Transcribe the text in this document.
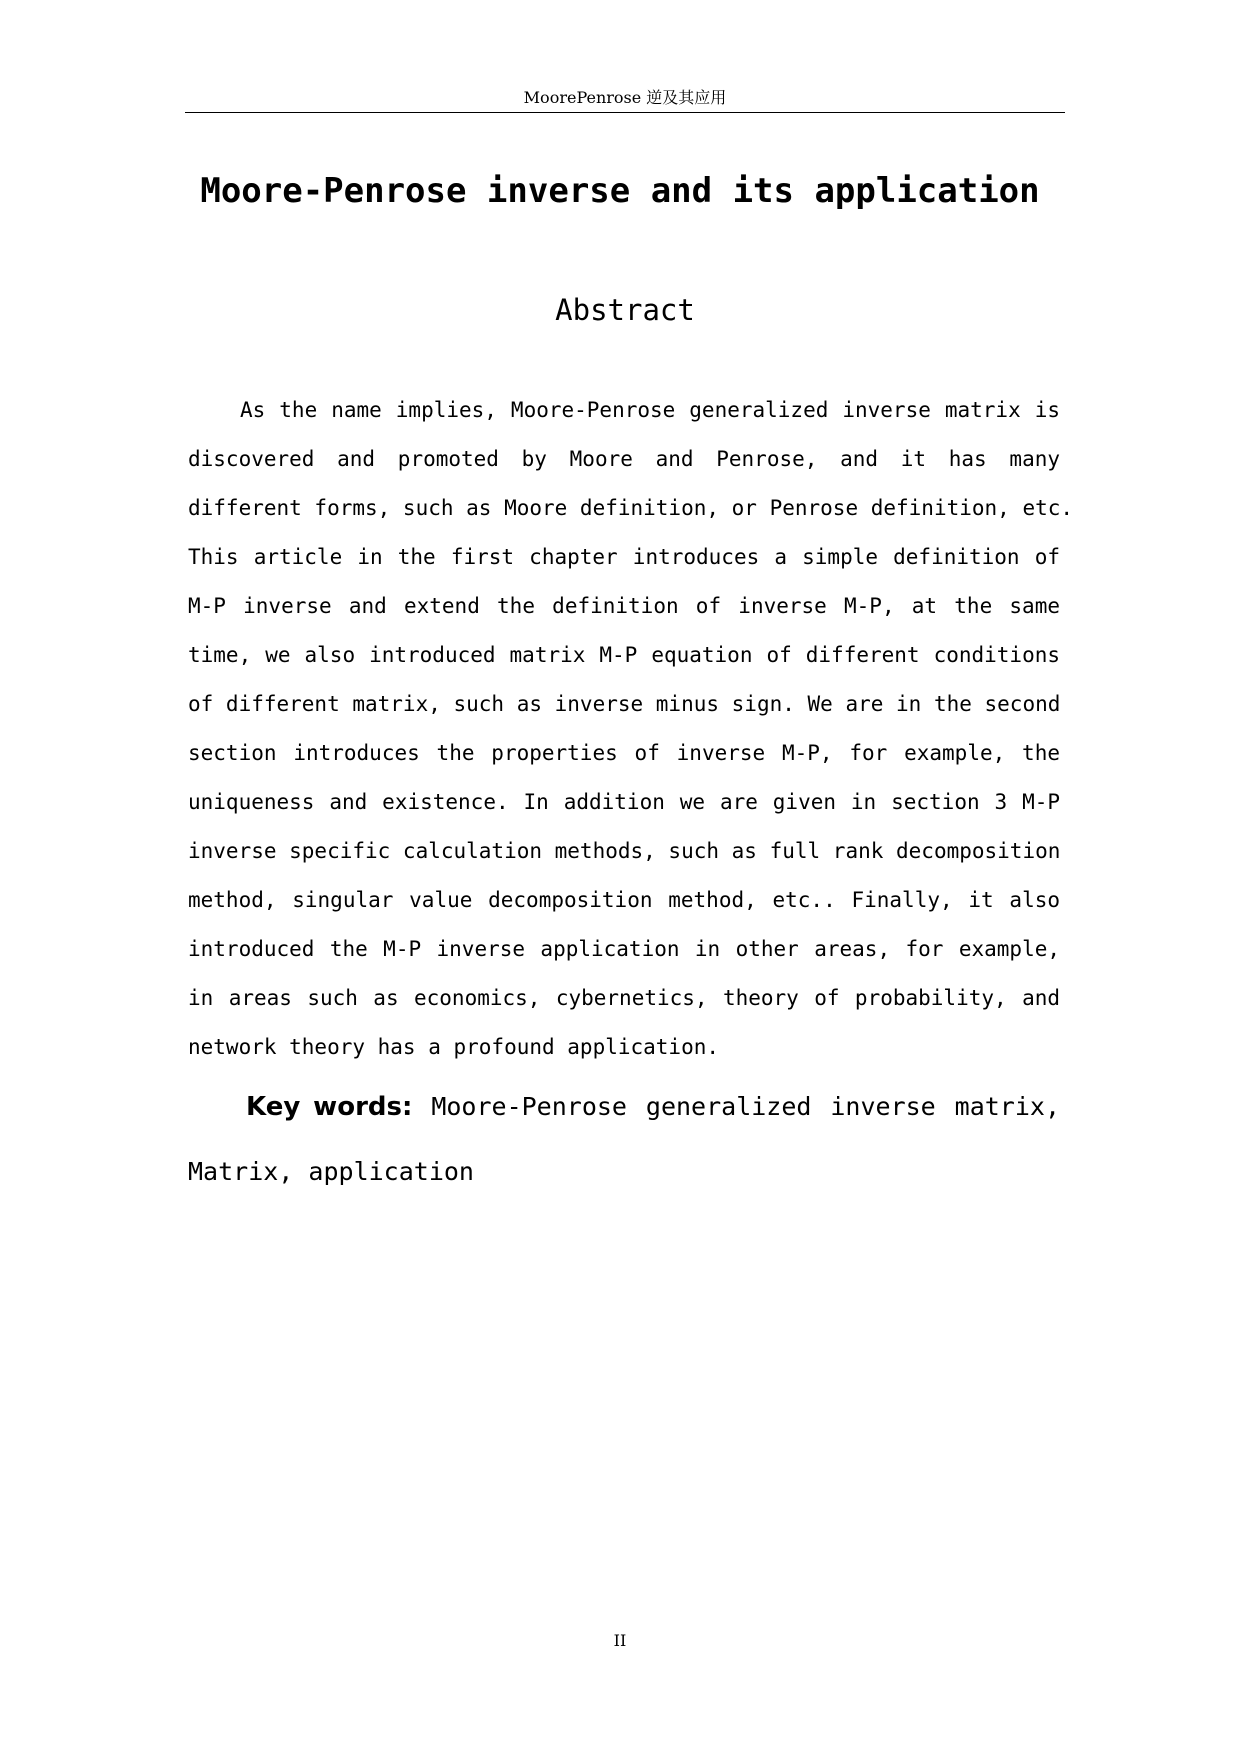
MoorePenrose 逆及其应用
Moore-Penrose inverse and its application
Abstract
As the name implies, Moore-Penrose generalized inverse matrix is
discovered and promoted by Moore and Penrose, and it has many
different forms, such as Moore definition, or Penrose definition, etc.
This article in the first chapter introduces a simple definition of
M-P inverse and extend the definition of inverse M-P, at the same
time, we also introduced matrix M-P equation of different conditions
of different matrix, such as inverse minus sign. We are in the second
section introduces the properties of inverse M-P, for example, the
uniqueness and existence. In addition we are given in section 3 M-P
inverse specific calculation methods, such as full rank decomposition
method, singular value decomposition method, etc.. Finally, it also
introduced the M-P inverse application in other areas, for example,
in areas such as economics, cybernetics, theory of probability, and
network theory has a profound application.
Key words: Moore-Penrose generalized inverse matrix,
Matrix, application
II
